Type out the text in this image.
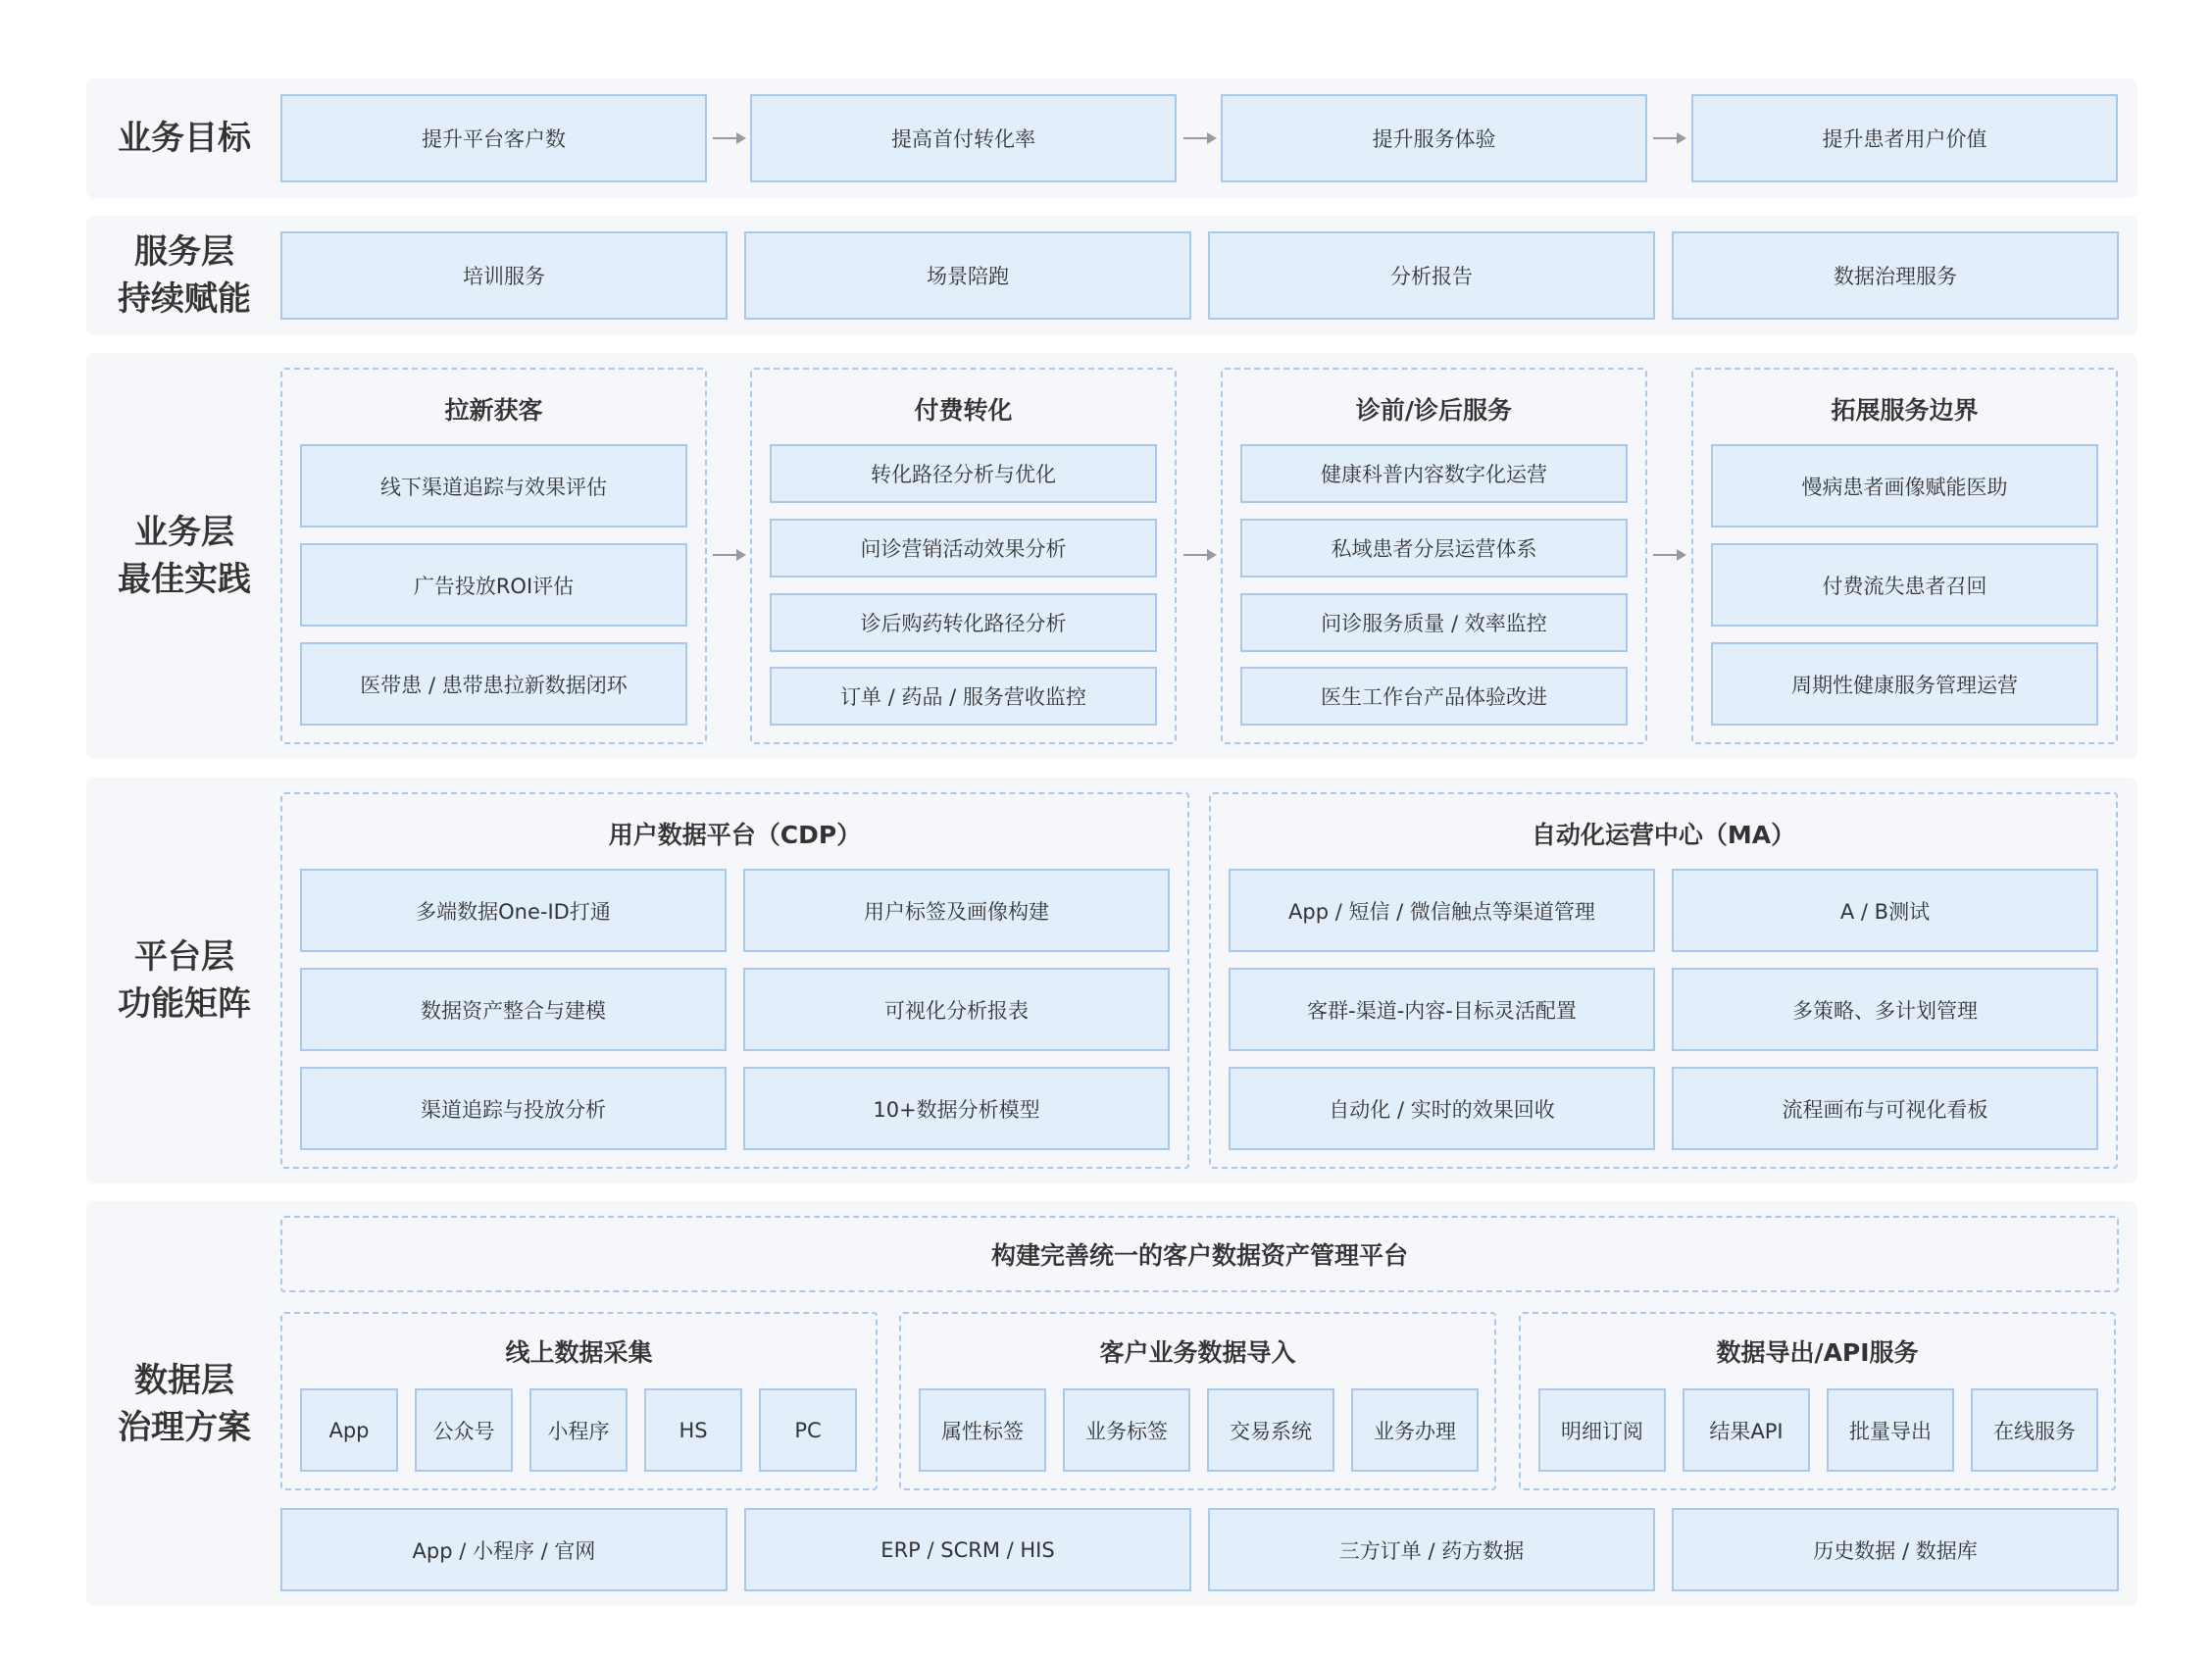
业务目标	提升平台客户数	提高首付转化率	提升服务体验	提升患者用户价值
服务层
持续赋能
培训服务	场景陪跑	分析报告	数据治理服务
业务层
最佳实践
拉新获客
线下渠道追踪与效果评估
广告投放ROI评估
医带患 / 患带患拉新数据闭环
付费转化
转化路径分析与优化
问诊营销活动效果分析
诊后购药转化路径分析
订单 / 药品 / 服务营收监控
诊前/诊后服务
健康科普内容数字化运营
私域患者分层运营体系
问诊服务质量 / 效率监控
医生工作台产品体验改进
拓展服务边界
慢病患者画像赋能医助
付费流失患者召回
周期性健康服务管理运营
平台层
功能矩阵
用户数据平台（CDP）
多端数据One-ID打通	用户标签及画像构建
数据资产整合与建模	可视化分析报表
渠道追踪与投放分析	10+数据分析模型
自动化运营中心（MA）
App / 短信 / 微信触点等渠道管理	A / B测试
客群-渠道-内容-目标灵活配置	多策略、多计划管理
自动化 / 实时的效果回收	流程画布与可视化看板
数据层
治理方案
构建完善统一的客户数据资产管理平台
线上数据采集
App	公众号	小程序	HS	PC
客户业务数据导入
属性标签	业务标签	交易系统	业务办理
数据导出/API服务
明细订阅	结果API	批量导出	在线服务
App / 小程序 / 官网	ERP / SCRM / HIS	三方订单 / 药方数据	历史数据 / 数据库
